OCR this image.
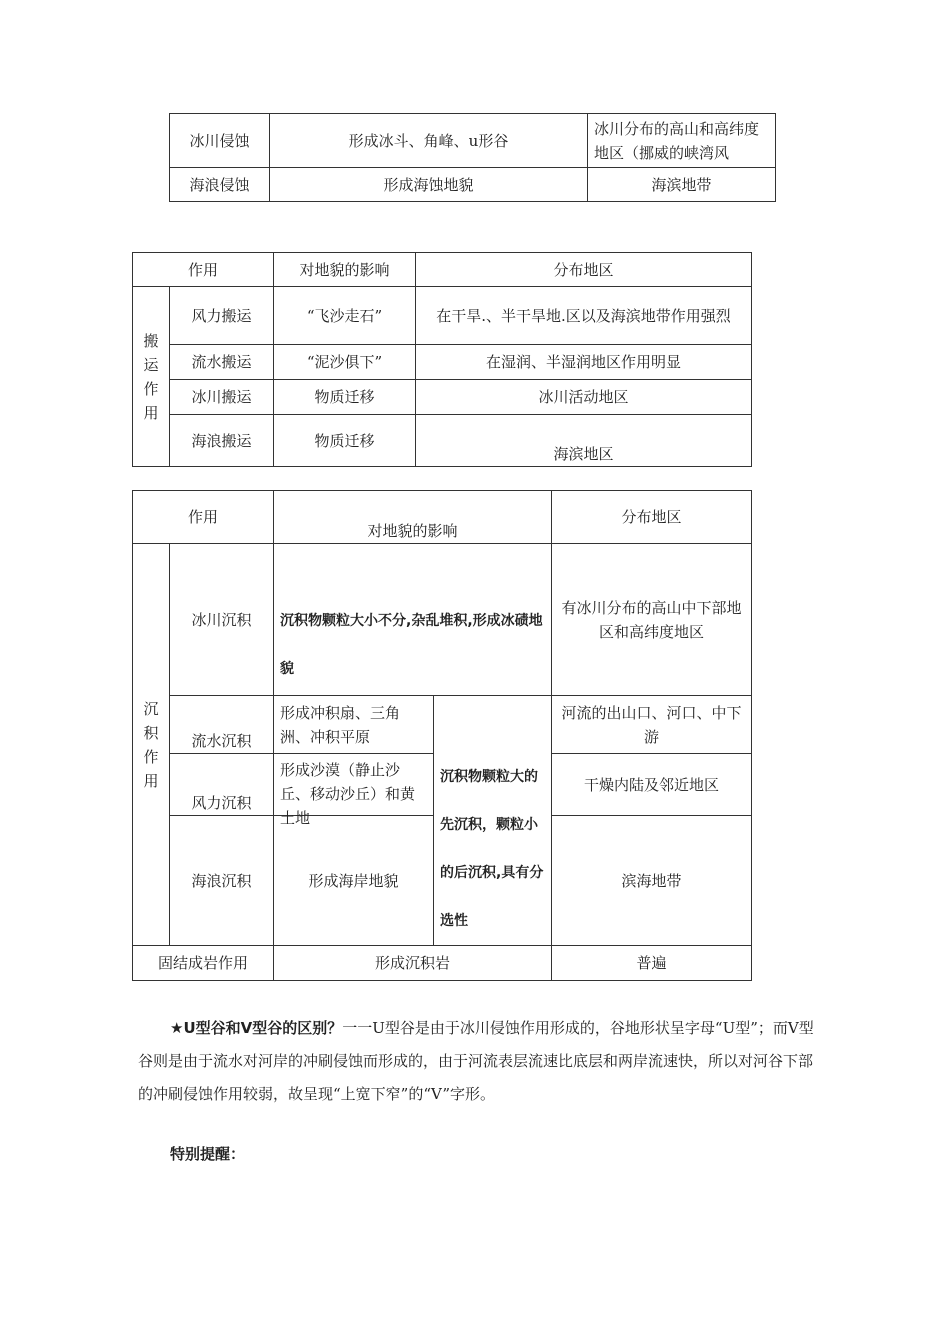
冰川侵蚀	形成冰斗、角峰、u形谷	冰川分布的高山和高纬度地区（挪威的峡湾风

海浪侵蚀	形成海蚀地貌	海滨地带
作用		对地貌的影响	分布地区

搬运作用	风力搬运	“飞沙走石”	在干旱.、半干旱地.区以及海滨地带作用强烈
	流水搬运	“泥沙俱下”	在湿润、半湿润地区作用明显
	冰川搬运	物质迁移	冰川活动地区
	海浪搬运	物质迁移	海滨地区
作用		对地貌的影响		分布地区

沉积作用	冰川沉积	沉积物颗粒大小不分,杂乱堆积,形成冰碛地貌		有冰川分布的高山中下部地区和高纬度地区
	流水沉积	形成冲积扇、三角洲、冲积平原	沉积物颗粒大的先沉积，颗粒小的后沉积,具有分选性	河流的出山口、河口、中下游
	风力沉积	形成沙漠（静止沙丘、移动沙丘）和黄土地		干燥内陆及邻近地区
	海浪沉积	形成海岸地貌		滨海地带
固结成岩作用		形成沉积岩		普遍
★U型谷和V型谷的区别？一一U型谷是由于冰川侵蚀作用形成的，谷地形状呈字母“U型”；而V型谷则是由于流水对河岸的冲刷侵蚀而形成的，由于河流表层流速比底层和两岸流速快，所以对河谷下部的冲刷侵蚀作用较弱，故呈现“上宽下窄”的“V”字形。
特别提醒：
